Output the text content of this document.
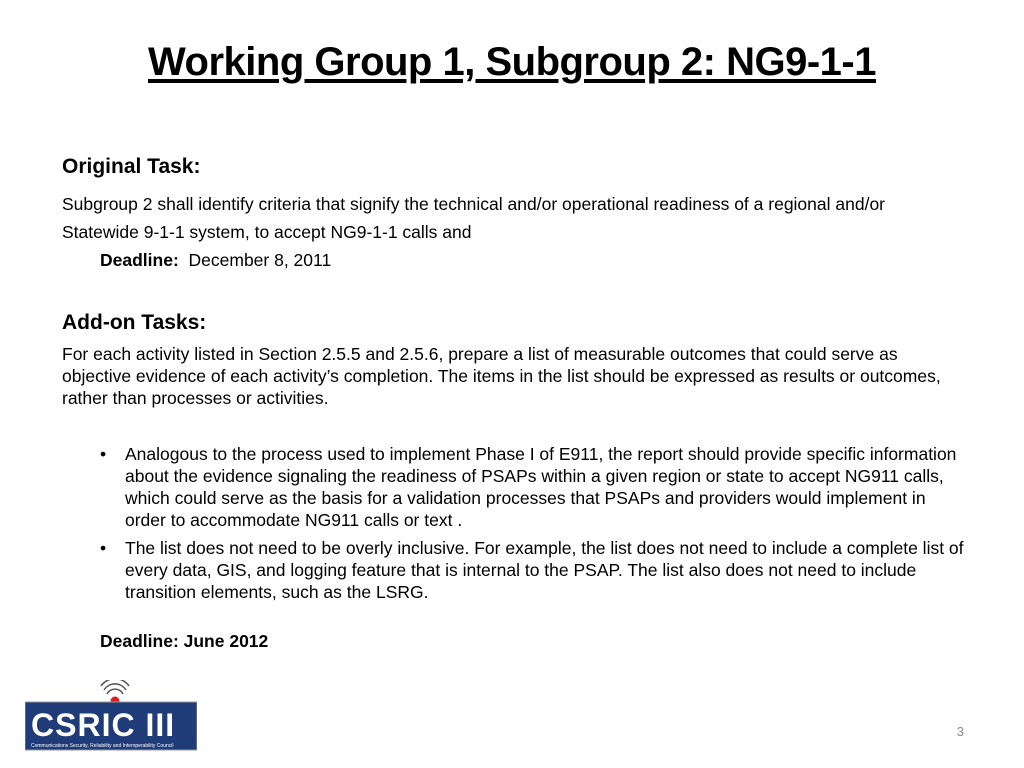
Working Group 1, Subgroup 2: NG9-1-1
Original Task:
Subgroup 2 shall identify criteria that signify the technical and/or operational readiness of a regional and/or Statewide 9-1-1 system, to accept NG9-1-1 calls and
Deadline: December 8, 2011
Add-on Tasks:
For each activity listed in Section 2.5.5 and 2.5.6, prepare a list of measurable outcomes that could serve as objective evidence of each activity’s completion. The items in the list should be expressed as results or outcomes, rather than processes or activities.
• Analogous to the process used to implement Phase I of E911, the report should provide specific information about the evidence signaling the readiness of PSAPs within a given region or state to accept NG911 calls, which could serve as the basis for a validation processes that PSAPs and providers would implement in order to accommodate NG911 calls or text .
• The list does not need to be overly inclusive. For example, the list does not need to include a complete list of every data, GIS, and logging feature that is internal to the PSAP. The list also does not need to include transition elements, such as the LSRG.
Deadline: June 2012
3
CSRIC III
Communications Security, Reliability and Interoperability Council
